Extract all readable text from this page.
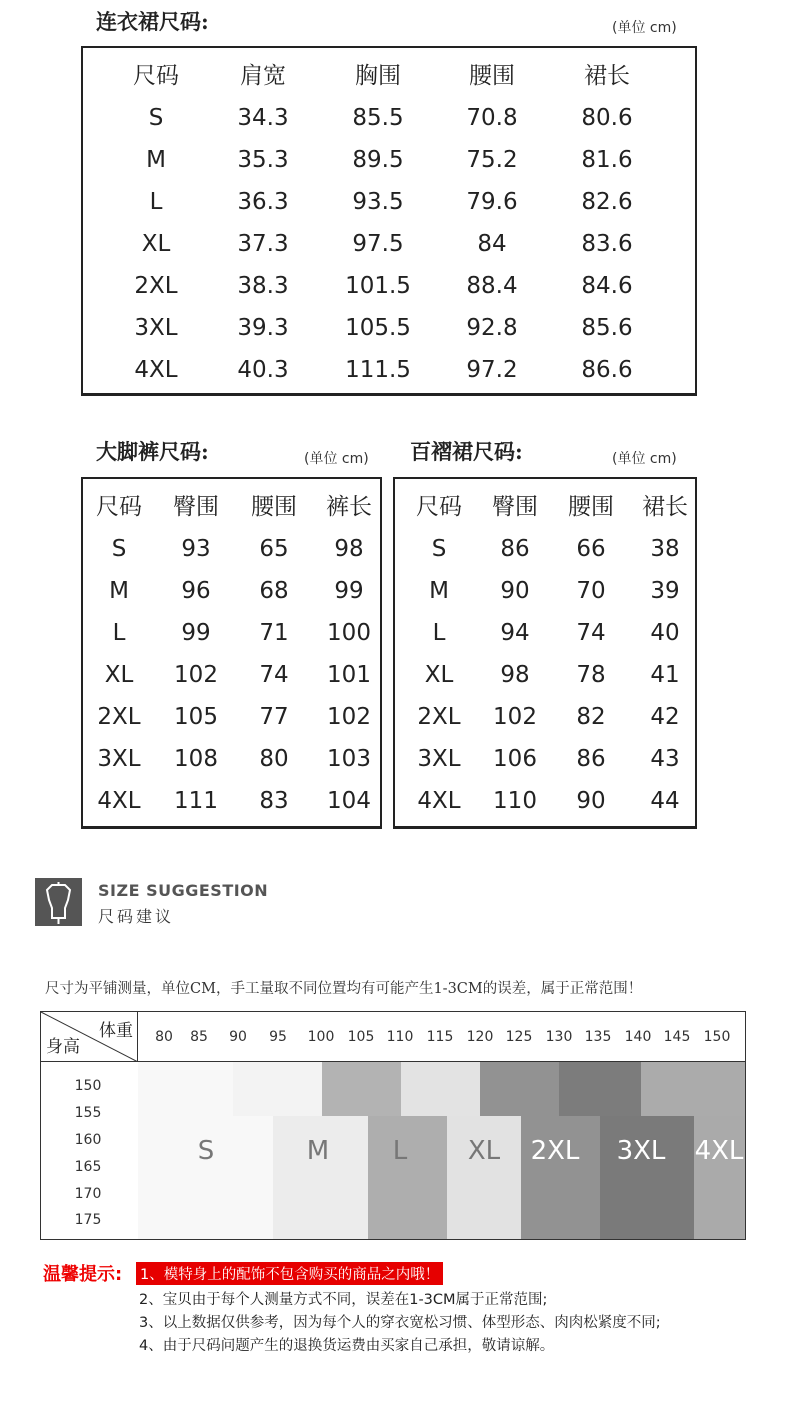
连衣裙尺码:	(单位 cm)
尺码	肩宽	胸围	腰围	裙长
S	34.3	85.5	70.8	80.6
M	35.3	89.5	75.2	81.6
L	36.3	93.5	79.6	82.6
XL	37.3	97.5	84	83.6
2XL	38.3	101.5	88.4	84.6
3XL	39.3	105.5	92.8	85.6
4XL	40.3	111.5	97.2	86.6
大脚裤尺码:	(单位 cm)
尺码	臀围	腰围	裤长
S	93	65	98
M	96	68	99
L	99	71	100
XL	102	74	101
2XL	105	77	102
3XL	108	80	103
4XL	111	83	104
百褶裙尺码:	(单位 cm)
尺码	臀围	腰围	裙长
S	86	66	38
M	90	70	39
L	94	74	40
XL	98	78	41
2XL	102	82	42
3XL	106	86	43
4XL	110	90	44
SIZE SUGGESTION
尺码建议
尺寸为平铺测量，单位CM，手工量取不同位置均有可能产生1-3CM的误差，属于正常范围！
体重
身高	80	85	90	95	100 105 110 115 120 125 130 135 140 145 150
150
155
160
165
170
175
S	M	L	XL	2XL 3XL 4XL
温馨提示: 1、模特身上的配饰不包含购买的商品之内哦！
2、宝贝由于每个人测量方式不同，误差在1-3CM属于正常范围;
3、以上数据仅供参考，因为每个人的穿衣宽松习惯、体型形态、肉肉松紧度不同;
4、由于尺码问题产生的退换货运费由买家自己承担，敬请谅解。
